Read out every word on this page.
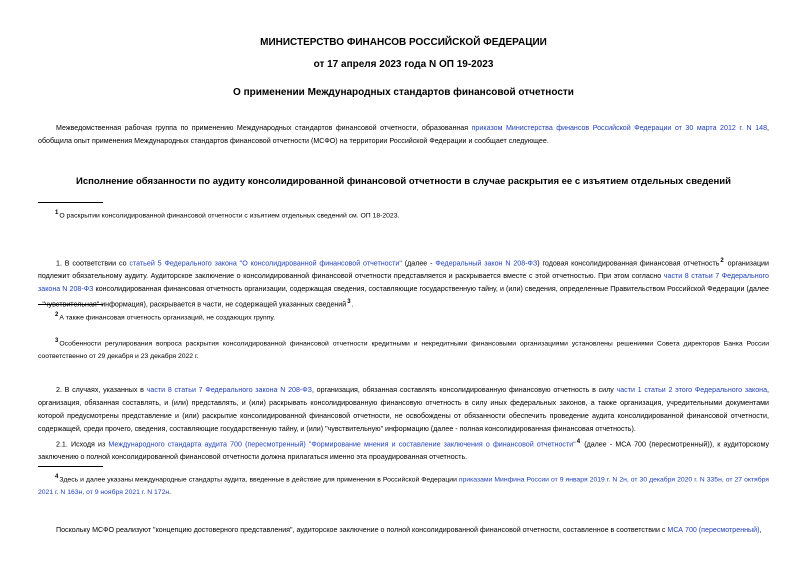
МИНИСТЕРСТВО ФИНАНСОВ РОССИЙСКОЙ ФЕДЕРАЦИИ
от 17 апреля 2023 года N ОП 19-2023
О применении Международных стандартов финансовой отчетности
Межведомственная рабочая группа по применению Международных стандартов финансовой отчетности, образованная приказом Министерства финансов Российской Федерации от 30 марта 2012 г. N 148, обобщила опыт применения Международных стандартов финансовой отчетности (МСФО) на территории Российской Федерации и сообщает следующее.
Исполнение обязанности по аудиту консолидированной финансовой отчетности в случае раскрытия ее с изъятием отдельных сведений
$^1$О раскрытии консолидированной финансовой отчетности с изъятием отдельных сведений см. ОП 18-2023.
1. В соответствии со статьей 5 Федерального закона "О консолидированной финансовой отчетности" (далее - Федеральный закон N 208-ФЗ) годовая консолидированная финансовая отчетность$^2$ организации подлежит обязательному аудиту. Аудиторское заключение о консолидированной финансовой отчетности представляется и раскрывается вместе с этой отчетностью. При этом согласно части 8 статьи 7 Федерального закона N 208-ФЗ консолидированная финансовая отчетность организации, содержащая сведения, составляющие государственную тайну, и (или) сведения, определенные Правительством Российской Федерации (далее - "чувствительная" информация), раскрывается в части, не содержащей указанных сведений$^3$.
$^2$А также финансовая отчетность организаций, не создающих группу.
$^3$Особенности регулирования вопроса раскрытия консолидированной финансовой отчетности кредитными и некредитными финансовыми организациями установлены решениями Совета директоров Банка России соответственно от 29 декабря и 23 декабря 2022 г.
2. В случаях, указанных в части 8 статьи 7 Федерального закона N 208-ФЗ, организация, обязанная составлять консолидированную финансовую отчетность в силу части 1 статьи 2 этого Федерального закона, организация, обязанная составлять, и (или) представлять, и (или) раскрывать консолидированную финансовую отчетность в силу иных федеральных законов, а также организация, учредительными документами которой предусмотрены представление и (или) раскрытие консолидированной финансовой отчетности, не освобождены от обязанности обеспечить проведение аудита консолидированной финансовой отчетности, содержащей, среди прочего, сведения, составляющие государственную тайну, и (или) "чувствительную" информацию (далее - полная консолидированная финансовая отчетность).
2.1. Исходя из Международного стандарта аудита 700 (пересмотренный) "Формирование мнения и составление заключения о финансовой отчетности"$^4$ (далее - МСА 700 (пересмотренный)), к аудиторскому заключению о полной консолидированной финансовой отчетности должна прилагаться именно эта проаудированная отчетность.
$^4$Здесь и далее указаны международные стандарты аудита, введенные в действие для применения в Российской Федерации приказами Минфина России от 9 января 2019 г. N 2н, от 30 декабря 2020 г. N 335н, от 27 октября 2021 г. N 163н, от 9 ноября 2021 г. N 172н.
Поскольку МСФО реализуют "концепцию достоверного представления", аудиторское заключение о полной консолидированной финансовой отчетности, составленное в соответствии с МСА 700 (пересмотренный),
